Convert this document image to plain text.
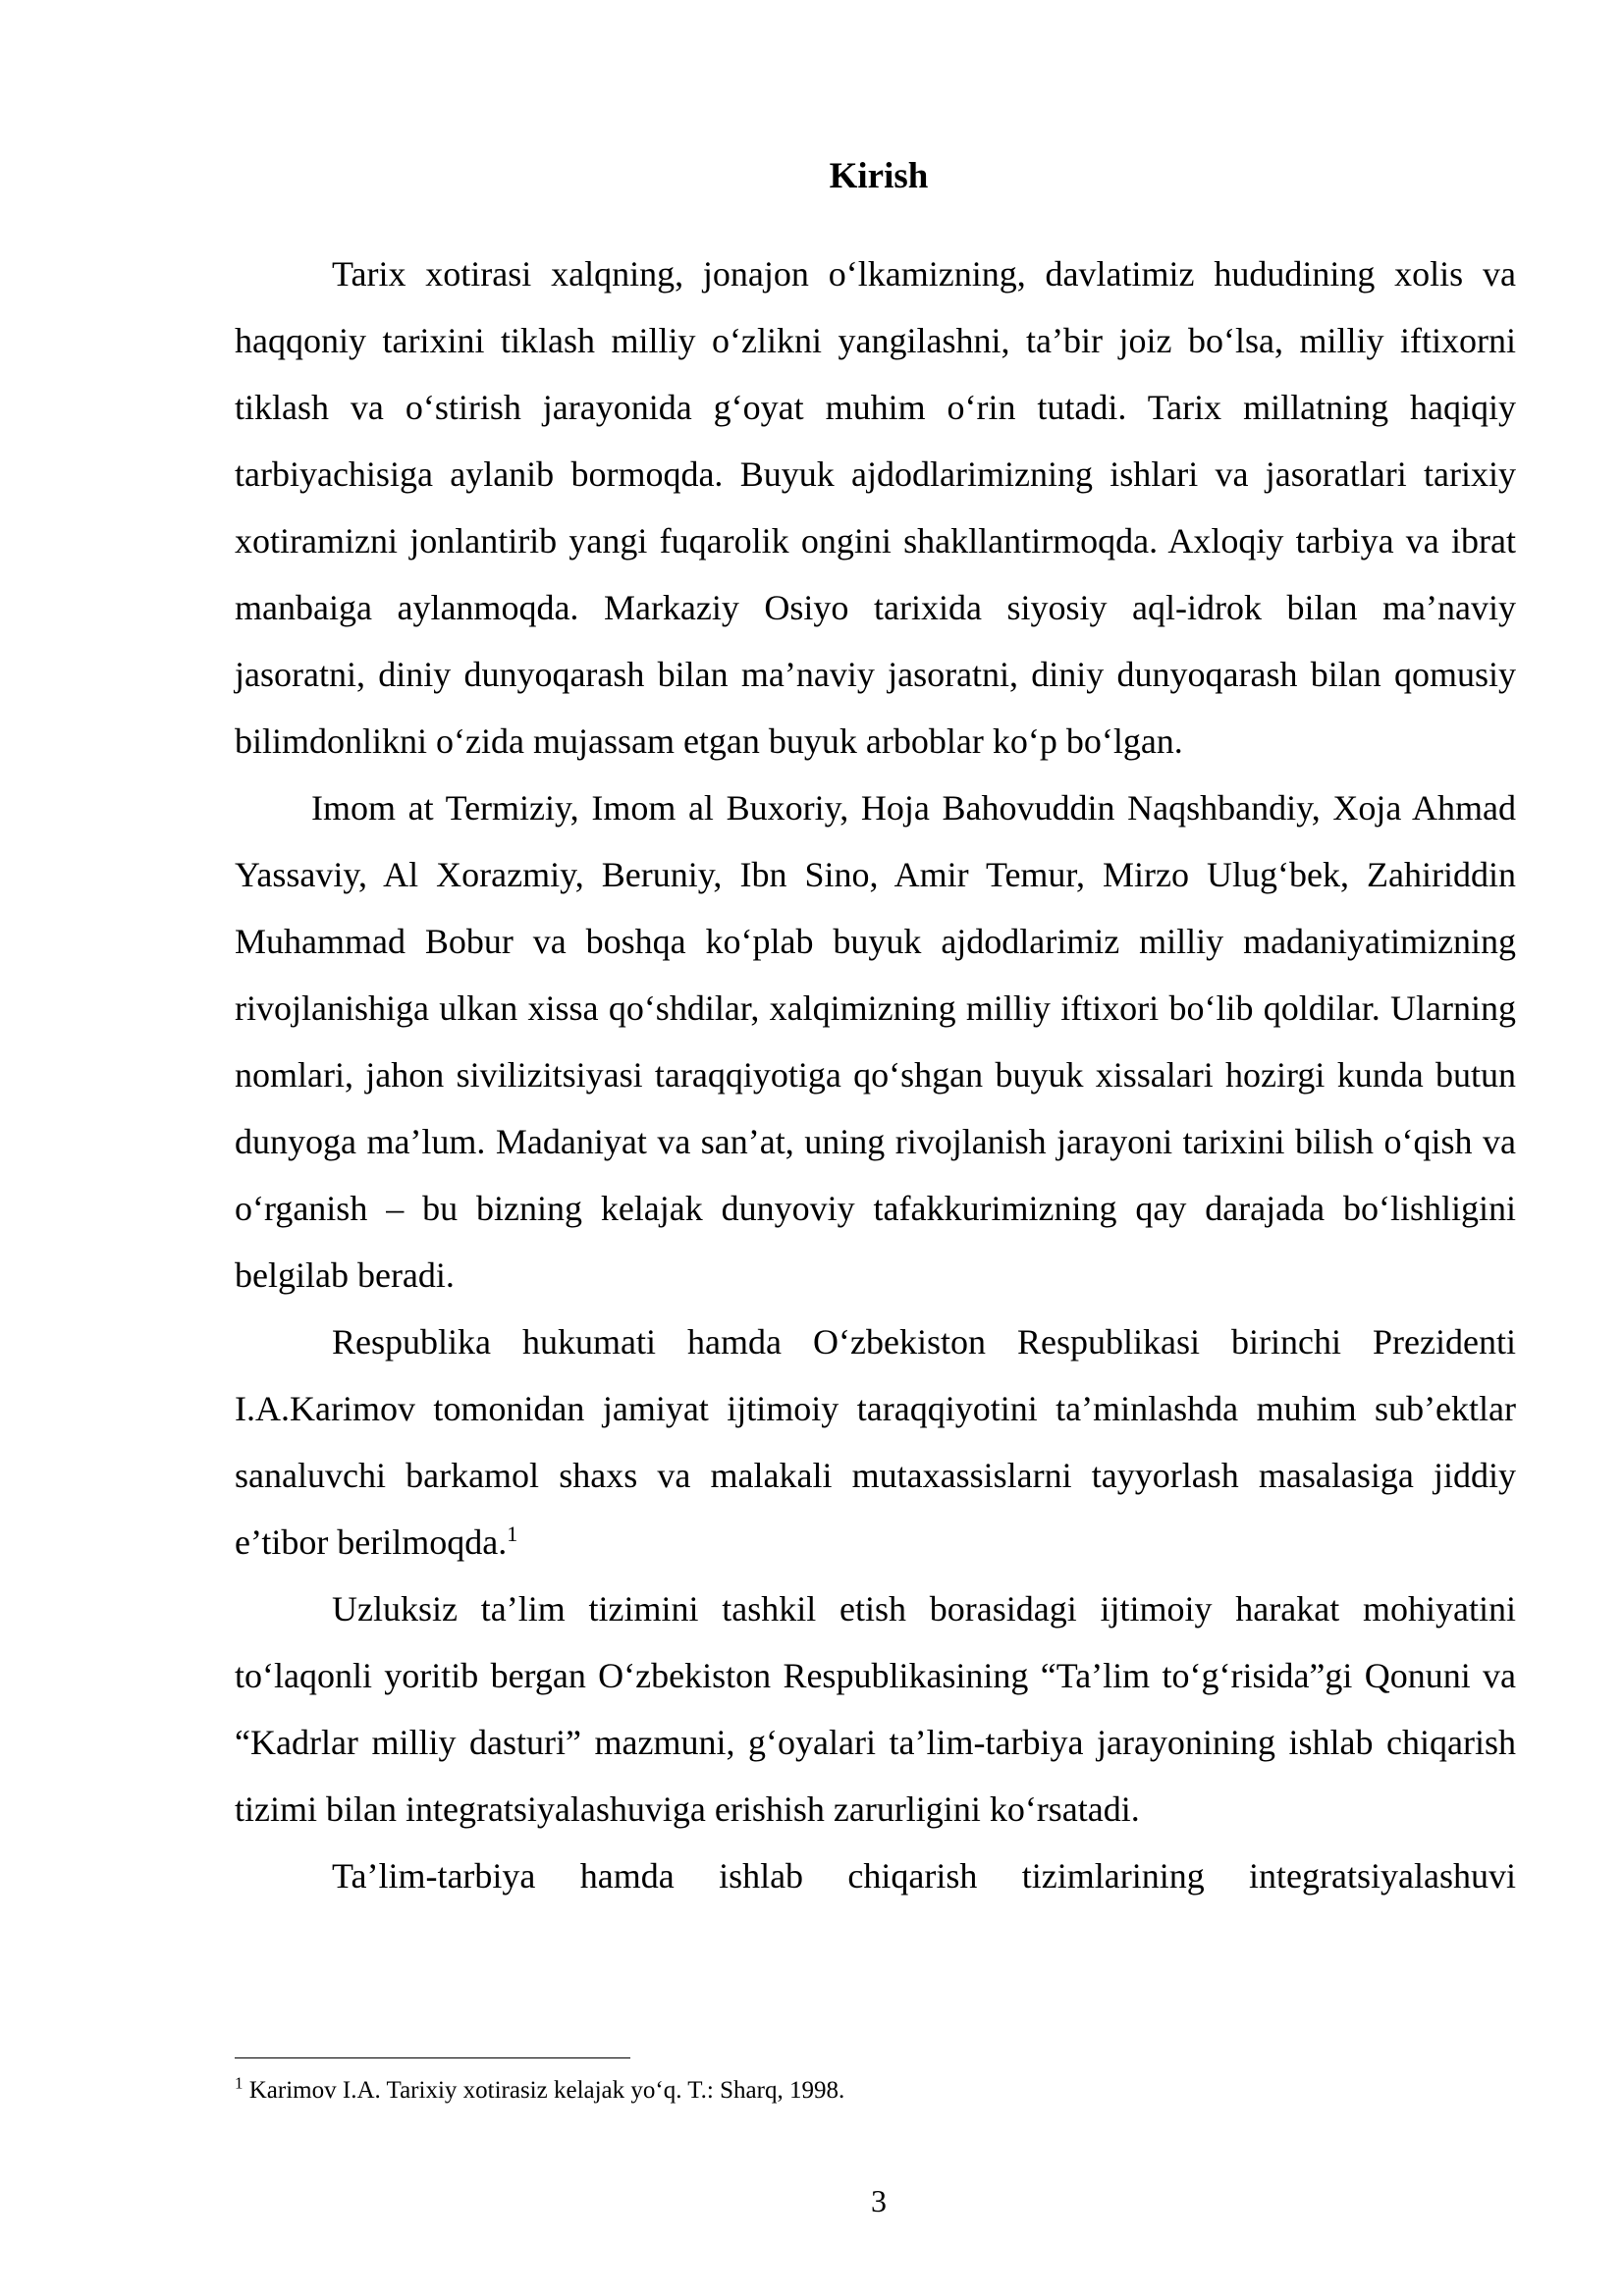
Kirish

Tarix xotirasi xalqning, jonajon o‘lkamizning, davlatimiz hududining xolis va haqqoniy tarixini tiklash milliy o‘zlikni yangilashni, ta’bir joiz bo‘lsa, milliy iftixorni tiklash va o‘stirish jarayonida g‘oyat muhim o‘rin tutadi. Tarix millatning haqiqiy tarbiyachisiga aylanib bormoqda. Buyuk ajdodlarimizning ishlari va jasoratlari tarixiy xotiramizni jonlantirib yangi fuqarolik ongini shakllantirmoqda. Axloqiy tarbiya va ibrat manbaiga aylanmoqda. Markaziy Osiyo tarixida siyosiy aql-idrok bilan ma’naviy jasoratni, diniy dunyoqarash bilan ma’naviy jasoratni, diniy dunyoqarash bilan qomusiy bilimdonlikni o‘zida mujassam etgan buyuk arboblar ko‘p bo‘lgan.

Imom at Termiziy, Imom al Buxoriy, Hoja Bahovuddin Naqshbandiy, Xoja Ahmad Yassaviy, Al Xorazmiy, Beruniy, Ibn Sino, Amir Temur, Mirzo Ulug‘bek, Zahiriddin Muhammad Bobur va boshqa ko‘plab buyuk ajdodlarimiz milliy madaniyatimizning rivojlanishiga ulkan xissa qo‘shdilar, xalqimizning milliy iftixori bo‘lib qoldilar. Ularning nomlari, jahon sivilizitsiyasi taraqqiyotiga qo‘shgan buyuk xissalari hozirgi kunda butun dunyoga ma’lum. Madaniyat va san’at, uning rivojlanish jarayoni tarixini bilish o‘qish va o‘rganish – bu bizning kelajak dunyoviy tafakkurimizning qay darajada bo‘lishligini belgilab beradi.

Respublika hukumati hamda O‘zbekiston Respublikasi birinchi Prezidenti I.A.Karimov tomonidan jamiyat ijtimoiy taraqqiyotini ta’minlashda muhim sub’ektlar sanaluvchi barkamol shaxs va malakali mutaxassislarni tayyorlash masalasiga jiddiy e’tibor berilmoqda.$^1$

Uzluksiz ta’lim tizimini tashkil etish borasidagi ijtimoiy harakat mohiyatini to‘laqonli yoritib bergan O‘zbekiston Respublikasining “Ta’lim to‘g‘risida”gi Qonuni va “Kadrlar milliy dasturi” mazmuni, g‘oyalari ta’lim-tarbiya jarayonining ishlab chiqarish tizimi bilan integratsiyalashuviga erishish zarurligini ko‘rsatadi.

Ta’lim-tarbiya hamda ishlab chiqarish tizimlarining integratsiyalashuvi

$^1$ Karimov I.A. Tarixiy xotirasiz kelajak yo‘q. T.: Sharq, 1998.
3
